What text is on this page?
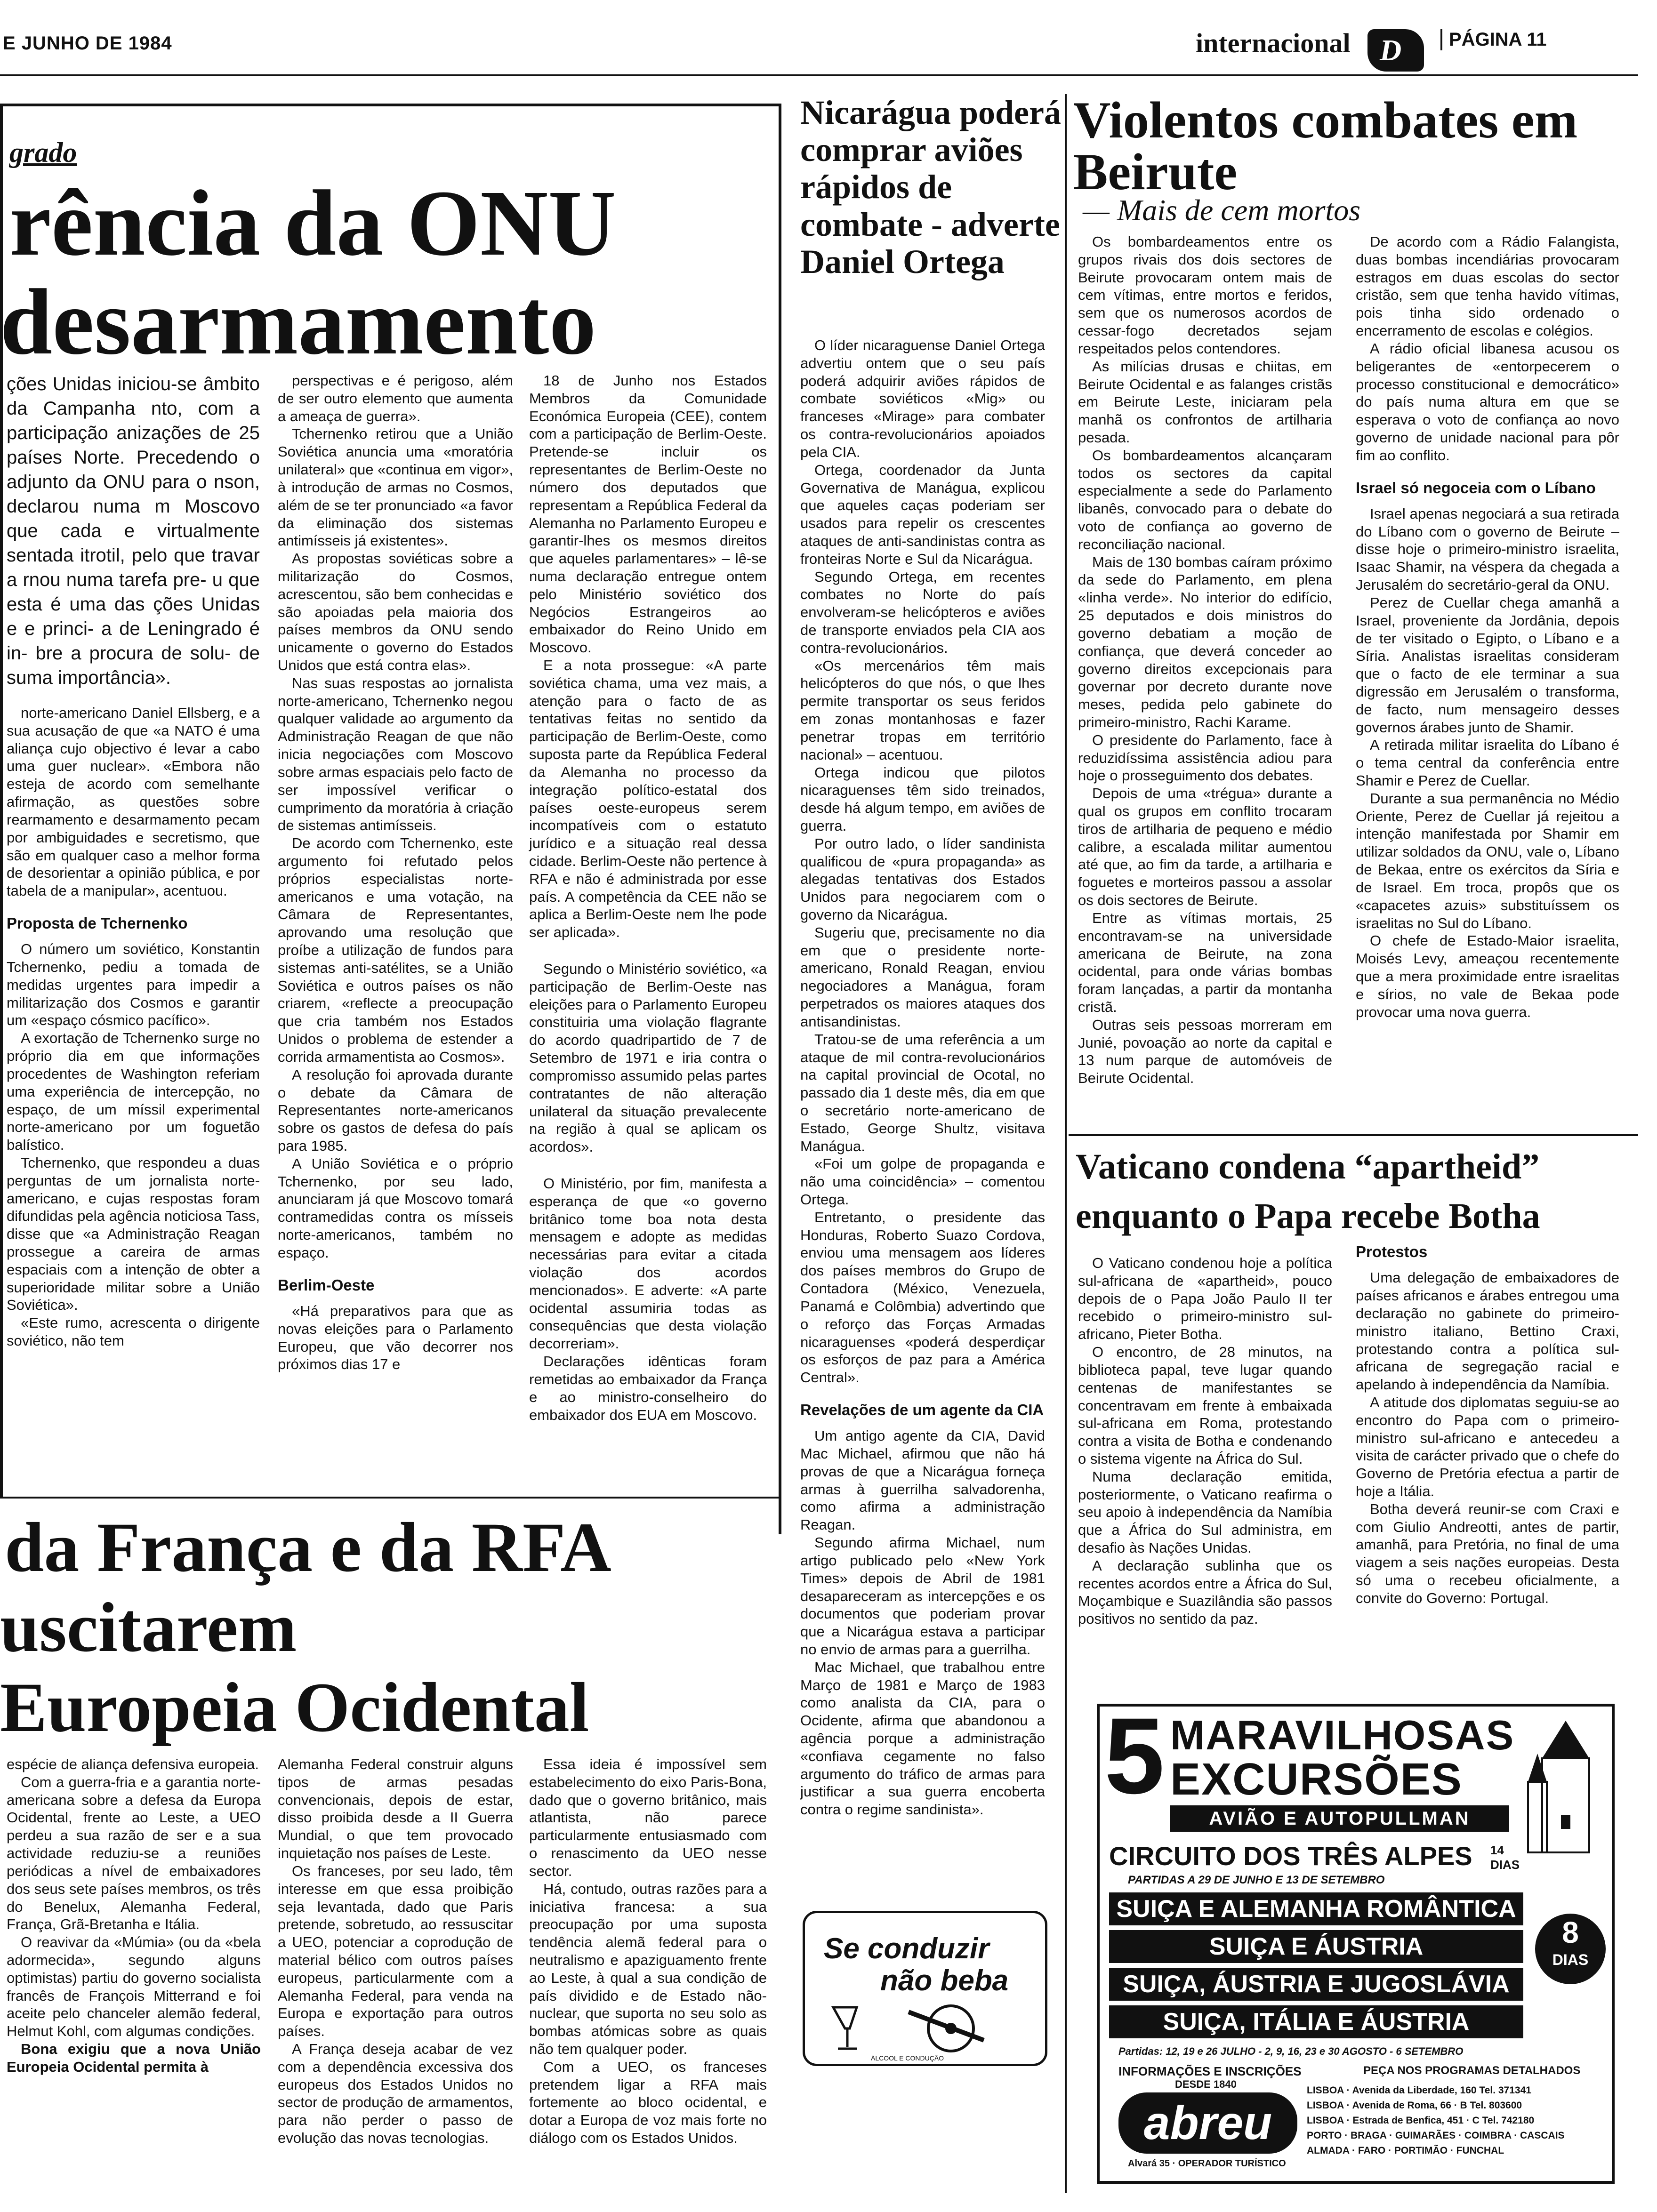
E JUNHO DE 1984	internacional D	PÁGINA 11
grado
rência da ONU
desarmamento

ções Unidas iniciou-se âmbito da Campanha nto, com a participação anizações de 25 países Norte. Precedendo o adjunto da ONU para o nson, declarou numa m Moscovo que cada e virtualmente sentada itrotil, pelo que travar a rnou numa tarefa pre- u que esta é uma das ções Unidas e e princi- a de Leningrado é in- bre a procura de solu- de suma importância».

norte-americano Daniel Ellsberg, e a sua acusação de que «a NATO é uma aliança cujo objectivo é levar a cabo uma guer nuclear». «Embora não esteja de acordo com semelhante afirmação, as questões sobre rearmamento e desarmamento pecam por ambiguidades e secretismo, que são em qualquer caso a melhor forma de desorientar a opinião pública, e por tabela de a manipular», acentuou.

Proposta de Tchernenko

O número um soviético, Konstantin Tchernenko, pediu a tomada de medidas urgentes para impedir a militarização dos Cosmos e garantir um «espaço cósmico pacífico».

A exortação de Tchernenko surge no próprio dia em que informações procedentes de Washington referiam uma experiência de intercepção, no espaço, de um míssil experimental norte-americano por um foguetão balístico.

Tchernenko, que respondeu a duas perguntas de um jornalista norte-americano, e cujas respostas foram difundidas pela agência noticiosa Tass, disse que «a Administração Reagan prossegue a careira de armas espaciais com a intenção de obter a superioridade militar sobre a União Soviética».

«Este rumo, acrescenta o dirigente soviético, não tem

perspectivas e é perigoso, além de ser outro elemento que aumenta a ameaça de guerra».

Tchernenko retirou que a União Soviética anuncia uma «moratória unilateral» que «continua em vigor», à introdução de armas no Cosmos, além de se ter pronunciado «a favor da eliminação dos sistemas antimísseis já existentes».

As propostas soviéticas sobre a militarização do Cosmos, acrescentou, são bem conhecidas e são apoiadas pela maioria dos países membros da ONU sendo unicamente o governo do Estados Unidos que está contra elas».

Nas suas respostas ao jornalista norte-americano, Tchernenko negou qualquer validade ao argumento da Administração Reagan de que não inicia negociações com Moscovo sobre armas espaciais pelo facto de ser impossível verificar o cumprimento da moratória à criação de sistemas antimísseis.

De acordo com Tchernenko, este argumento foi refutado pelos próprios especialistas norte-americanos e uma votação, na Câmara de Representantes, aprovando uma resolução que proíbe a utilização de fundos para sistemas anti-satélites, se a União Soviética e outros países os não criarem, «reflecte a preocupação que cria também nos Estados Unidos o problema de estender a corrida armamentista ao Cosmos».

A resolução foi aprovada durante o debate da Câmara de Representantes norte-americanos sobre os gastos de defesa do país para 1985.

A União Soviética e o próprio Tchernenko, por seu lado, anunciaram já que Moscovo tomará contramedidas contra os mísseis norte-americanos, também no espaço.

Berlim-Oeste

«Há preparativos para que as novas eleições para o Parlamento Europeu, que vão decorrer nos próximos dias 17 e

18 de Junho nos Estados Membros da Comunidade Económica Europeia (CEE), contem com a participação de Berlim-Oeste. Pretende-se incluir os representantes de Berlim-Oeste no número dos deputados que representam a República Federal da Alemanha no Parlamento Europeu e garantir-lhes os mesmos direitos que aqueles parlamentares» – lê-se numa declaração entregue ontem pelo Ministério soviético dos Negócios Estrangeiros ao embaixador do Reino Unido em Moscovo.

E a nota prossegue: «A parte soviética chama, uma vez mais, a atenção para o facto de as tentativas feitas no sentido da participação de Berlim-Oeste, como suposta parte da República Federal da Alemanha no processo da integração político-estatal dos países oeste-europeus serem incompatíveis com o estatuto jurídico e a situação real dessa cidade. Berlim-Oeste não pertence à RFA e não é administrada por esse país. A competência da CEE não se aplica a Berlim-Oeste nem lhe pode ser aplicada».

Segundo o Ministério soviético, «a participação de Berlim-Oeste nas eleições para o Parlamento Europeu constituiria uma violação flagrante do acordo quadripartido de 7 de Setembro de 1971 e iria contra o compromisso assumido pelas partes contratantes de não alteração unilateral da situação prevalecente na região à qual se aplicam os acordos».

O Ministério, por fim, manifesta a esperança de que «o governo britânico tome boa nota desta mensagem e adopte as medidas necessárias para evitar a citada violação dos acordos mencionados». E adverte: «A parte ocidental assumiria todas as consequências que desta violação decorreriam».

Declarações idênticas foram remetidas ao embaixador da França e ao ministro-conselheiro do embaixador dos EUA em Moscovo.

da França e da RFA
uscitarem
Europeia Ocidental

espécie de aliança defensiva europeia.

Com a guerra-fria e a garantia norte-americana sobre a defesa da Europa Ocidental, frente ao Leste, a UEO perdeu a sua razão de ser e a sua actividade reduziu-se a reuniões periódicas a nível de embaixadores dos seus sete países membros, os três do Benelux, Alemanha Federal, França, Grã-Bretanha e Itália.

O reavivar da «Múmia» (ou da «bela adormecida», segundo alguns optimistas) partiu do governo socialista francês de François Mitterrand e foi aceite pelo chanceler alemão federal, Helmut Kohl, com algumas condições.

Bona exigiu que a nova União Europeia Ocidental permita à

Alemanha Federal construir alguns tipos de armas pesadas convencionais, depois de estar, disso proibida desde a II Guerra Mundial, o que tem provocado inquietação nos países de Leste.

Os franceses, por seu lado, têm interesse em que essa proibição seja levantada, dado que Paris pretende, sobretudo, ao ressuscitar a UEO, potenciar a coprodução de material bélico com outros países europeus, particularmente com a Alemanha Federal, para venda na Europa e exportação para outros países.

A França deseja acabar de vez com a dependência excessiva dos europeus dos Estados Unidos no sector de produção de armamentos, para não perder o passo de evolução das novas tecnologias.

Essa ideia é impossível sem estabelecimento do eixo Paris-Bona, dado que o governo britânico, mais atlantista, não parece particularmente entusiasmado com o renascimento da UEO nesse sector.

Há, contudo, outras razões para a iniciativa francesa: a sua preocupação por uma suposta tendência alemã federal para o neutralismo e apaziguamento frente ao Leste, à qual a sua condição de país dividido e de Estado não-nuclear, que suporta no seu solo as bombas atómicas sobre as quais não tem qualquer poder.

Com a UEO, os franceses pretendem ligar a RFA mais fortemente ao bloco ocidental, e dotar a Europa de voz mais forte no diálogo com os Estados Unidos.

Nicarágua poderá comprar aviões rápidos de combate - adverte Daniel Ortega

O líder nicaraguense Daniel Ortega advertiu ontem que o seu país poderá adquirir aviões rápidos de combate soviéticos «Mig» ou franceses «Mirage» para combater os contra-revolucionários apoiados pela CIA.

Ortega, coordenador da Junta Governativa de Manágua, explicou que aqueles caças poderiam ser usados para repelir os crescentes ataques de anti-sandinistas contra as fronteiras Norte e Sul da Nicarágua.

Segundo Ortega, em recentes combates no Norte do país envolveram-se helicópteros e aviões de transporte enviados pela CIA aos contra-revolucionários.

«Os mercenários têm mais helicópteros do que nós, o que lhes permite transportar os seus feridos em zonas montanhosas e fazer penetrar tropas em território nacional» – acentuou.

Ortega indicou que pilotos nicaraguenses têm sido treinados, desde há algum tempo, em aviões de guerra.

Por outro lado, o líder sandinista qualificou de «pura propaganda» as alegadas tentativas dos Estados Unidos para negociarem com o governo da Nicarágua.

Sugeriu que, precisamente no dia em que o presidente norte-americano, Ronald Reagan, enviou negociadores a Manágua, foram perpetrados os maiores ataques dos antisandinistas.

Tratou-se de uma referência a um ataque de mil contra-revolucionários na capital provincial de Ocotal, no passado dia 1 deste mês, dia em que o secretário norte-americano de Estado, George Shultz, visitava Manágua.

«Foi um golpe de propaganda e não uma coincidência» – comentou Ortega.

Entretanto, o presidente das Honduras, Roberto Suazo Cordova, enviou uma mensagem aos líderes dos países membros do Grupo de Contadora (México, Venezuela, Panamá e Colômbia) advertindo que o reforço das Forças Armadas nicaraguenses «poderá desperdiçar os esforços de paz para a América Central».

Revelações de um agente da CIA

Um antigo agente da CIA, David Mac Michael, afirmou que não há provas de que a Nicarágua forneça armas à guerrilha salvadorenha, como afirma a administração Reagan.

Segundo afirma Michael, num artigo publicado pelo «New York Times» depois de Abril de 1981 desapareceram as intercepções e os documentos que poderiam provar que a Nicarágua estava a participar no envio de armas para a guerrilha.

Mac Michael, que trabalhou entre Março de 1981 e Março de 1983 como analista da CIA, para o Ocidente, afirma que abandonou a agência porque a administração «confiava cegamente no falso argumento do tráfico de armas para justificar a sua guerra encoberta contra o regime sandinista».

Se conduzir
não beba
ÁLCOOL E CONDUÇÃO
Violentos combates em Beirute
— Mais de cem mortos

Os bombardeamentos entre os grupos rivais dos dois sectores de Beirute provocaram ontem mais de cem vítimas, entre mortos e feridos, sem que os numerosos acordos de cessar-fogo decretados sejam respeitados pelos contendores.

As milícias drusas e chiitas, em Beirute Ocidental e as falanges cristãs em Beirute Leste, iniciaram pela manhã os confrontos de artilharia pesada.

Os bombardeamentos alcançaram todos os sectores da capital especialmente a sede do Parlamento libanês, convocado para o debate do voto de confiança ao governo de reconciliação nacional.

Mais de 130 bombas caíram próximo da sede do Parlamento, em plena «linha verde». No interior do edifício, 25 deputados e dois ministros do governo debatiam a moção de confiança, que deverá conceder ao governo direitos excepcionais para governar por decreto durante nove meses, pedida pelo gabinete do primeiro-ministro, Rachi Karame.

O presidente do Parlamento, face à reduzidíssima assistência adiou para hoje o prosseguimento dos debates.

Depois de uma «trégua» durante a qual os grupos em conflito trocaram tiros de artilharia de pequeno e médio calibre, a escalada militar aumentou até que, ao fim da tarde, a artilharia e foguetes e morteiros passou a assolar os dois sectores de Beirute.

Entre as vítimas mortais, 25 encontravam-se na universidade americana de Beirute, na zona ocidental, para onde várias bombas foram lançadas, a partir da montanha cristã.

Outras seis pessoas morreram em Junié, povoação ao norte da capital e 13 num parque de automóveis de Beirute Ocidental.

De acordo com a Rádio Falangista, duas bombas incendiárias provocaram estragos em duas escolas do sector cristão, sem que tenha havido vítimas, pois tinha sido ordenado o encerramento de escolas e colégios.

A rádio oficial libanesa acusou os beligerantes de «entorpecerem o processo constitucional e democrático» do país numa altura em que se esperava o voto de confiança ao novo governo de unidade nacional para pôr fim ao conflito.

Israel só negoceia com o Líbano

Israel apenas negociará a sua retirada do Líbano com o governo de Beirute – disse hoje o primeiro-ministro israelita, Isaac Shamir, na véspera da chegada a Jerusalém do secretário-geral da ONU.

Perez de Cuellar chega amanhã a Israel, proveniente da Jordânia, depois de ter visitado o Egipto, o Líbano e a Síria. Analistas israelitas consideram que o facto de ele terminar a sua digressão em Jerusalém o transforma, de facto, num mensageiro desses governos árabes junto de Shamir.

A retirada militar israelita do Líbano é o tema central da conferência entre Shamir e Perez de Cuellar.

Durante a sua permanência no Médio Oriente, Perez de Cuellar já rejeitou a intenção manifestada por Shamir em utilizar soldados da ONU, vale o, Líbano de Bekaa, entre os exércitos da Síria e de Israel. Em troca, propôs que os «capacetes azuis» substituíssem os israelitas no Sul do Líbano.

O chefe de Estado-Maior israelita, Moisés Levy, ameaçou recentemente que a mera proximidade entre israelitas e sírios, no vale de Bekaa pode provocar uma nova guerra.

Vaticano condena “apartheid”
enquanto o Papa recebe Botha

O Vaticano condenou hoje a política sul-africana de «apartheid», pouco depois de o Papa João Paulo II ter recebido o primeiro-ministro sul-africano, Pieter Botha.

O encontro, de 28 minutos, na biblioteca papal, teve lugar quando centenas de manifestantes se concentravam em frente à embaixada sul-africana em Roma, protestando contra a visita de Botha e condenando o sistema vigente na África do Sul.

Numa declaração emitida, posteriormente, o Vaticano reafirma o seu apoio à independência da Namíbia que a África do Sul administra, em desafio às Nações Unidas.

A declaração sublinha que os recentes acordos entre a África do Sul, Moçambique e Suazilândia são passos positivos no sentido da paz.

Protestos

Uma delegação de embaixadores de países africanos e árabes entregou uma declaração no gabinete do primeiro-ministro italiano, Bettino Craxi, protestando contra a política sul-africana de segregação racial e apelando à independência da Namíbia.

A atitude dos diplomatas seguiu-se ao encontro do Papa com o primeiro-ministro sul-africano e antecedeu a visita de carácter privado que o chefe do Governo de Pretória efectua a partir de hoje a Itália.

Botha deverá reunir-se com Craxi e com Giulio Andreotti, antes de partir, amanhã, para Pretória, no final de uma viagem a seis nações europeias. Desta só uma o recebeu oficialmente, a convite do Governo: Portugal.

5 MARAVILHOSAS
EXCURSÕES
AVIÃO E AUTOPULLMAN
CIRCUITO DOS TRÊS ALPES 14 DIAS
PARTIDAS A 29 DE JUNHO E 13 DE SETEMBRO
SUIÇA E ALEMANHA ROMÂNTICA
SUIÇA E ÁUSTRIA
SUIÇA, ÁUSTRIA E JUGOSLÁVIA
SUIÇA, ITÁLIA E ÁUSTRIA
8
DIAS
Partidas: 12, 19 e 26 JULHO - 2, 9, 16, 23 e 30 AGOSTO - 6 SETEMBRO
INFORMAÇÕES E INSCRIÇÕES
DESDE 1840
abreu
PEÇA NOS PROGRAMAS DETALHADOS
LISBOA · Avenida da Liberdade, 160 Tel. 371341
LISBOA · Avenida de Roma, 66 · B Tel. 803600
LISBOA · Estrada de Benfica, 451 · C Tel. 742180
PORTO · BRAGA · GUIMARÃES · COIMBRA · CASCAIS
ALMADA · FARO · PORTIMÃO · FUNCHAL
Alvará 35 · OPERADOR TURÍSTICO
